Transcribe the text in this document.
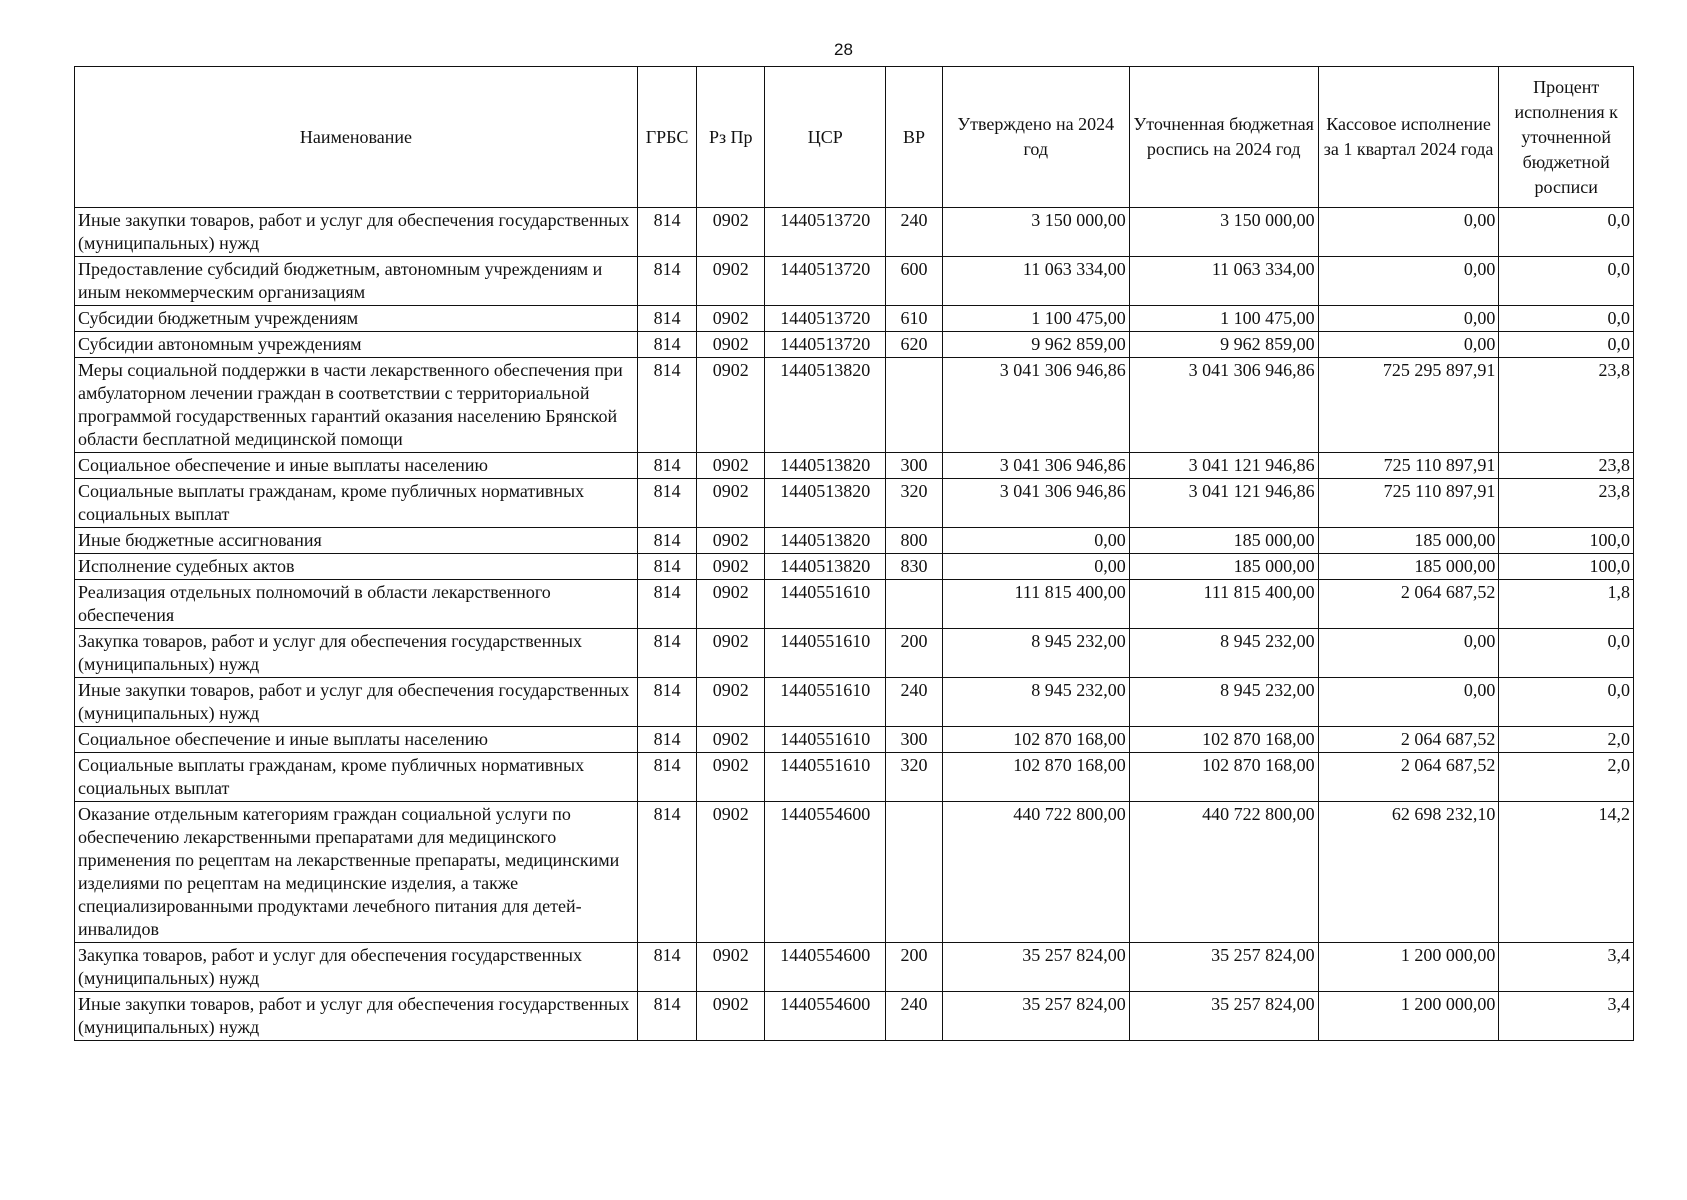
28
Наименование	ГРБС	Рз Пр	ЦСР	ВР	Утверждено на 2024 год	Уточненная бюджетная роспись на 2024 год	Кассовое исполнение за 1 квартал 2024 года	Процент исполнения к уточненной бюджетной росписи
Иные закупки товаров, работ и услуг для обеспечения государственных (муниципальных) нужд	814	0902	1440513720	240	3 150 000,00	3 150 000,00	0,00	0,0
Предоставление субсидий бюджетным, автономным учреждениям и иным некоммерческим организациям	814	0902	1440513720	600	11 063 334,00	11 063 334,00	0,00	0,0
Субсидии бюджетным учреждениям	814	0902	1440513720	610	1 100 475,00	1 100 475,00	0,00	0,0
Субсидии автономным учреждениям	814	0902	1440513720	620	9 962 859,00	9 962 859,00	0,00	0,0
Меры социальной поддержки в части лекарственного обеспечения при амбулаторном лечении граждан в соответствии с территориальной программой государственных гарантий оказания населению Брянской области бесплатной медицинской помощи	814	0902	1440513820		3 041 306 946,86	3 041 306 946,86	725 295 897,91	23,8
Социальное обеспечение и иные выплаты населению	814	0902	1440513820	300	3 041 306 946,86	3 041 121 946,86	725 110 897,91	23,8
Социальные выплаты гражданам, кроме публичных нормативных социальных выплат	814	0902	1440513820	320	3 041 306 946,86	3 041 121 946,86	725 110 897,91	23,8
Иные бюджетные ассигнования	814	0902	1440513820	800	0,00	185 000,00	185 000,00	100,0
Исполнение судебных актов	814	0902	1440513820	830	0,00	185 000,00	185 000,00	100,0
Реализация отдельных полномочий в области лекарственного обеспечения	814	0902	1440551610		111 815 400,00	111 815 400,00	2 064 687,52	1,8
Закупка товаров, работ и услуг для обеспечения государственных (муниципальных) нужд	814	0902	1440551610	200	8 945 232,00	8 945 232,00	0,00	0,0
Иные закупки товаров, работ и услуг для обеспечения государственных (муниципальных) нужд	814	0902	1440551610	240	8 945 232,00	8 945 232,00	0,00	0,0
Социальное обеспечение и иные выплаты населению	814	0902	1440551610	300	102 870 168,00	102 870 168,00	2 064 687,52	2,0
Социальные выплаты гражданам, кроме публичных нормативных социальных выплат	814	0902	1440551610	320	102 870 168,00	102 870 168,00	2 064 687,52	2,0
Оказание отдельным категориям граждан социальной услуги по обеспечению лекарственными препаратами для медицинского применения по рецептам на лекарственные препараты, медицинскими изделиями по рецептам на медицинские изделия, а также специализированными продуктами лечебного питания для детей-инвалидов	814	0902	1440554600		440 722 800,00	440 722 800,00	62 698 232,10	14,2
Закупка товаров, работ и услуг для обеспечения государственных (муниципальных) нужд	814	0902	1440554600	200	35 257 824,00	35 257 824,00	1 200 000,00	3,4
Иные закупки товаров, работ и услуг для обеспечения государственных (муниципальных) нужд	814	0902	1440554600	240	35 257 824,00	35 257 824,00	1 200 000,00	3,4
